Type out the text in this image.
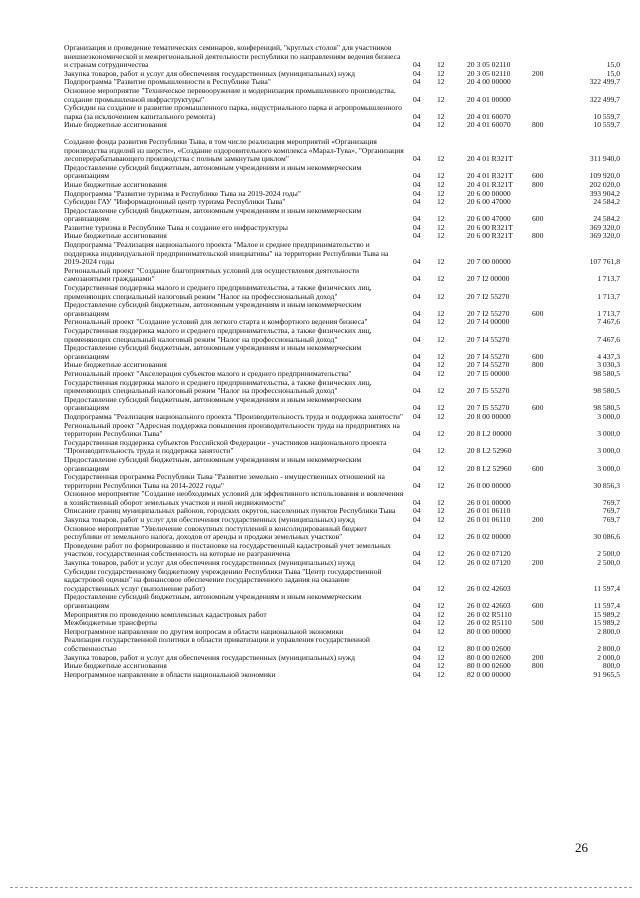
Организация и проведение тематических семинаров, конференций, "круглых столов" для участников внешнеэкономической и межрегиональной деятельности республики по направлениям ведения бизнеса и странам сотрудничества	04	12	20 3 05 02110		15,0
Закупка товаров, работ и услуг для обеспечения государственных (муниципальных) нужд	04	12	20 3 05 02110	200	15,0
Подпрограмма "Развитие промышленности в Республике Тыва"	04	12	20 4 00 00000		322 499,7
Основное мероприятие "Техническое перевооружение и модернизация промышленного производства, создание промышленной инфраструктуры"	04	12	20 4 01 00000		322 499,7
Субсидии на создание и развитие промышленного парка, индустриального парка и агропромышленного парка (за исключением капитального ремонта)	04	12	20 4 01 60070		10 559,7
Иные бюджетные ассигнования	04	12	20 4 01 60070	800	10 559,7

Создание фонда развития Республики Тыва, в том числе реализация мероприятий «Организация производства изделий из шерсти», «Создание оздоровительного комплекса «Марал-Тува», "Организация лесоперерабатывающего производства с полным замкнутым циклом"	04	12	20 4 01 R321T		311 940,0
Предоставление субсидий бюджетным, автономным учреждениям и иным некоммерческим организациям	04	12	20 4 01 R321T	600	109 920,0
Иные бюджетные ассигнования	04	12	20 4 01 R321T	800	202 020,0
Подпрограмма "Развитие туризма в Республике Тыва на 2019-2024 годы"	04	12	20 6 00 00000		393 904,2
Субсидии ГАУ "Информационный центр туризма Республики Тыва"	04	12	20 6 00 47000		24 584,2
Предоставление субсидий бюджетным, автономным учреждениям и иным некоммерческим организациям	04	12	20 6 00 47000	600	24 584,2
Развитие туризма в Республике Тыва и создание его инфраструктуры	04	12	20 6 00 R321T		369 320,0
Иные бюджетные ассигнования	04	12	20 6 00 R321T	800	369 320,0
Подпрограмма "Реализация национального проекта "Малое и среднее предпринимательство и поддержка индивидуальной предпринимательской инициативы" на территории Республики Тыва на 2019-2024 годы	04	12	20 7 00 00000		107 761,8
Региональный проект "Создание благоприятных условий для осуществления деятельности самозанятыми гражданами"	04	12	20 7 I2 00000		1 713,7
Государственная поддержка малого и среднего предпринимательства, а также физических лиц, применяющих специальный налоговый режим "Налог на профессиональный доход"	04	12	20 7 I2 55270		1 713,7
Предоставление субсидий бюджетным, автономным учреждениям и иным некоммерческим организациям	04	12	20 7 I2 55270	600	1 713,7
Региональный проект "Создание условий для легкого старта и комфортного ведения бизнеса"	04	12	20 7 I4 00000		7 467,6
Государственная поддержка малого и среднего предпринимательства, а также физических лиц, применяющих специальный налоговый режим "Налог на профессиональный доход"	04	12	20 7 I4 55270		7 467,6
Предоставление субсидий бюджетным, автономным учреждениям и иным некоммерческим организациям	04	12	20 7 I4 55270	600	4 437,3
Иные бюджетные ассигнования	04	12	20 7 I4 55270	800	3 030,3
Региональный проект "Акселерация субъектов малого и среднего предпринимательства"	04	12	20 7 I5 00000		98 580,5
Государственная поддержка малого и среднего предпринимательства, а также физических лиц, применяющих специальный налоговый режим "Налог на профессиональный доход"	04	12	20 7 I5 55270		98 580,5
Предоставление субсидий бюджетным, автономным учреждениям и иным некоммерческим организациям	04	12	20 7 I5 55270	600	98 580,5
Подпрограмма "Реализация национального проекта "Производительность труда и поддержка занятости"	04	12	20 8 00 00000		3 000,0
Региональный проект "Адресная поддержка повышения производительности труда на предприятиях на территории Республики Тыва"	04	12	20 8 L2 00000		3 000,0
Государственная поддержка субъектов Российской Федерации - участников национального проекта "Производительность труда и поддержка занятости"	04	12	20 8 L2 52960		3 000,0
Предоставление субсидий бюджетным, автономным учреждениям и иным некоммерческим организациям	04	12	20 8 L2 52960	600	3 000,0
Государственная программа Республики Тыва "Развитие земельно - имущественных отношений на территории Республики Тыва на 2014-2022 годы"	04	12	26 0 00 00000		30 856,3
Основное мероприятие "Создание необходимых условий для эффективного использования и вовлечения в хозяйственный оборот земельных участков и иной недвижимости"	04	12	26 0 01 00000		769,7
Описание границ муниципальных районов, городских округов, населенных пунктов Республики Тыва	04	12	26 0 01 06110		769,7
Закупка товаров, работ и услуг для обеспечения государственных (муниципальных) нужд	04	12	26 0 01 06110	200	769,7
Основное мероприятие "Увеличение совокупных поступлений в консолидированный бюджет республики от земельного налога, доходов от аренды и продажи земельных участков"	04	12	26 0 02 00000		30 086,6
Проведение работ по формированию и постановке на государственный кадастровый учет земельных участков, государственная собственность на которые не разграничена	04	12	26 0 02 07120		2 500,0
Закупка товаров, работ и услуг для обеспечения государственных (муниципальных) нужд	04	12	26 0 02 07120	200	2 500,0
Субсидии государственному бюджетному учреждению Республики Тыва "Центр государственной кадастровой оценки" на финансовое обеспечение государственного задания на оказание государственных услуг (выполнение работ)	04	12	26 0 02 42603		11 597,4
Предоставление субсидий бюджетным, автономным учреждениям и иным некоммерческим организациям	04	12	26 0 02 42603	600	11 597,4
Мероприятия по проведению комплексных кадастровых работ	04	12	26 0 02 R5110		15 989,2
Межбюджетные трансферты	04	12	26 0 02 R5110	500	15 989,2
Непрограммное направление по другим вопросам в области национальной экономики	04	12	80 0 00 00000		2 800,0
Реализация государственной политики в области приватизации и управления государственной собственностью	04	12	80 0 00 02600		2 800,0
Закупка товаров, работ и услуг для обеспечения государственных (муниципальных) нужд	04	12	80 0 00 02600	200	2 000,0
Иные бюджетные ассигнования	04	12	80 0 00 02600	800	800,0
Непрограммное направление в области национальной экономики	04	12	82 0 00 00000		91 965,5
26
